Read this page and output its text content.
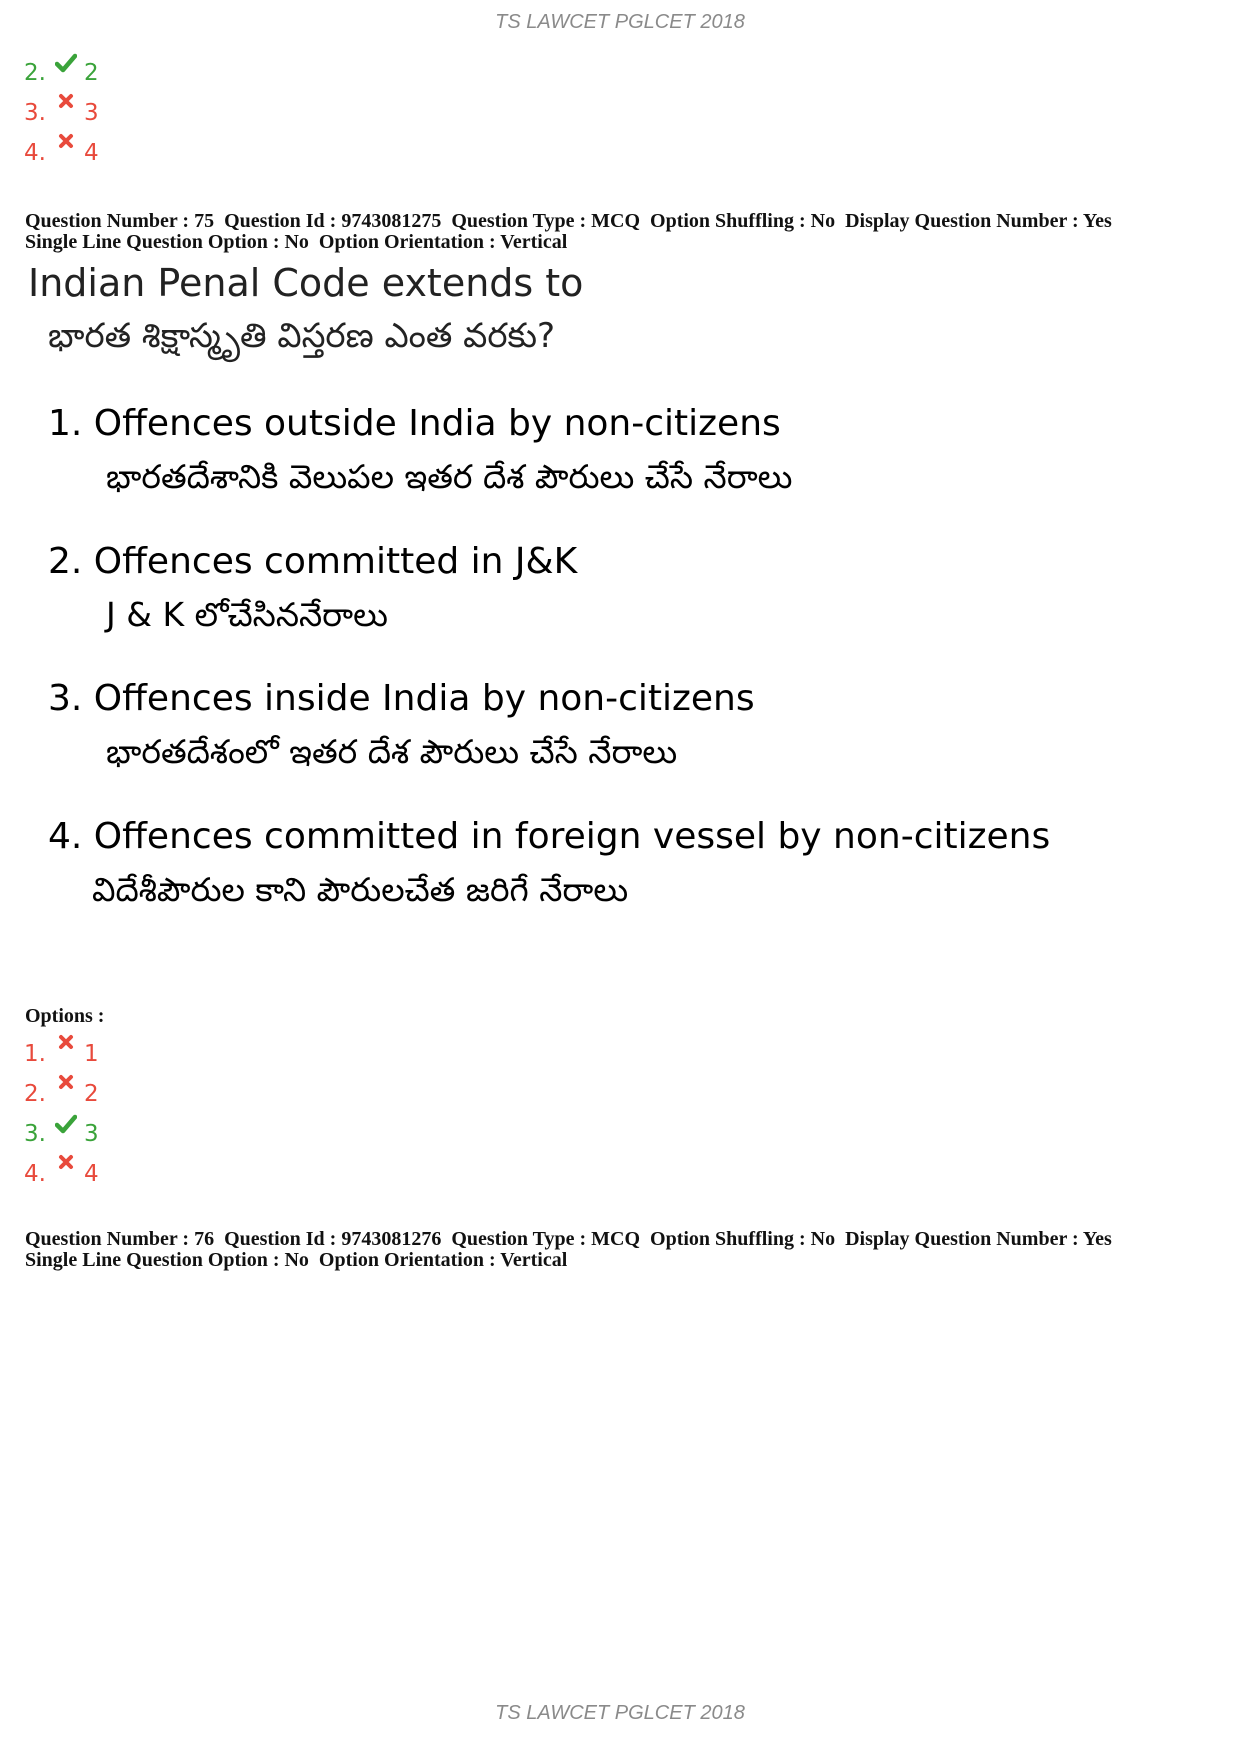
TS LAWCET PGLCET 2018
2. 2
3. 3
4. 4
Question Number : 75  Question Id : 9743081275  Question Type : MCQ  Option Shuffling : No  Display Question Number : Yes
Single Line Question Option : No  Option Orientation : Vertical

Indian Penal Code extends to

భారత శిక్షాస్మృతి విస్తరణ ఎంత వరకు?

1. Offences outside India by non-citizens
భారతదేశానికి వెలుపల ఇతర దేశ పౌరులు చేసే నేరాలు
2. Offences committed in J&K
J & K లోచేసిననేరాలు
3. Offences inside India by non-citizens
భారతదేశంలో ఇతర దేశ పౌరులు చేసే నేరాలు
4. Offences committed in foreign vessel by non-citizens
విదేశీపౌరుల కాని పౌరులచేత జరిగే నేరాలు
Options :
1. 1
2. 2
3. 3
4. 4
Question Number : 76  Question Id : 9743081276  Question Type : MCQ  Option Shuffling : No  Display Question Number : Yes
Single Line Question Option : No  Option Orientation : Vertical
TS LAWCET PGLCET 2018
